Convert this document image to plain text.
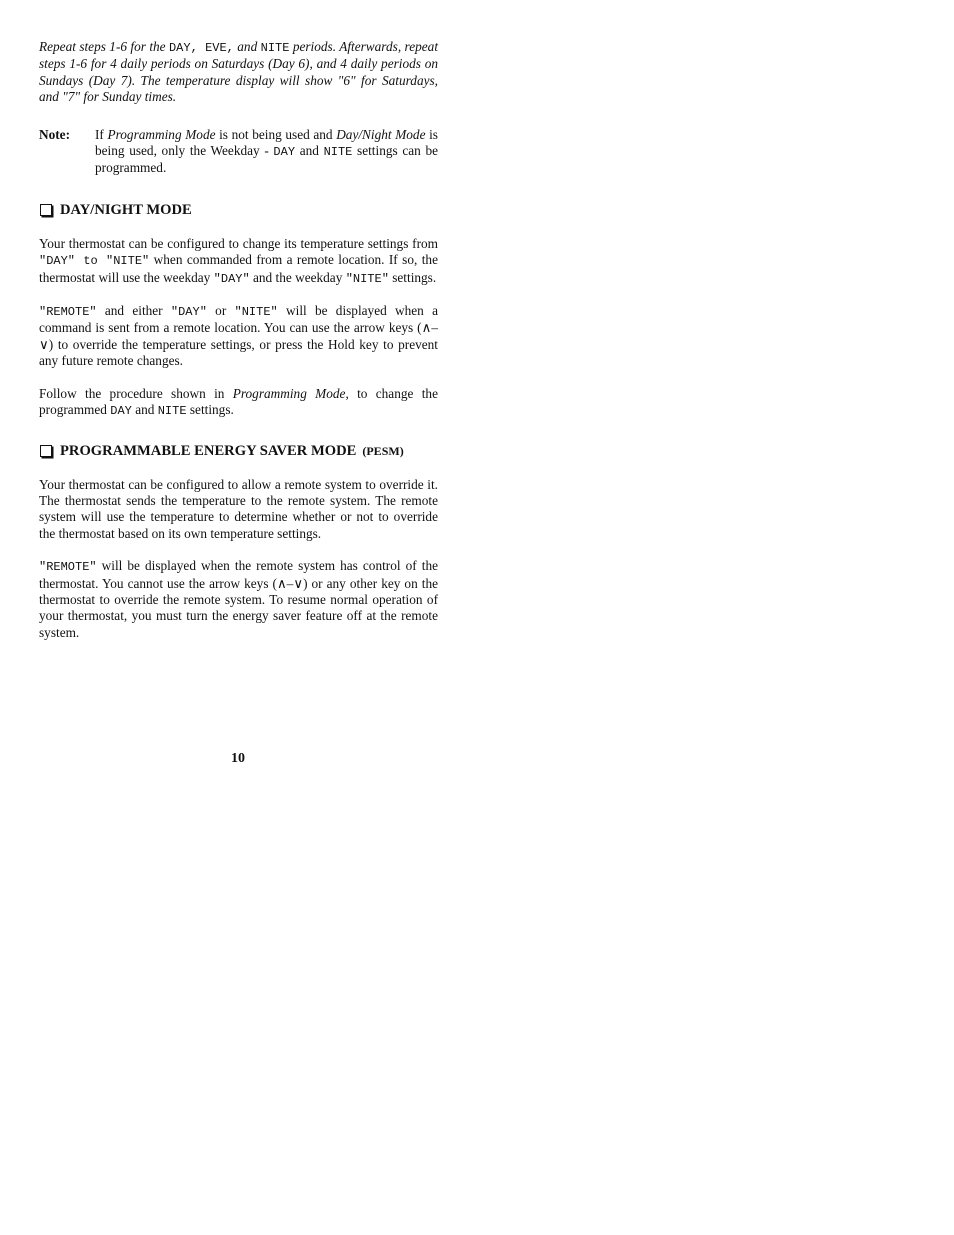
Repeat steps 1-6 for the DAY, EVE, and NITE periods. Afterwards, repeat steps 1-6 for 4 daily periods on Saturdays (Day 6), and 4 daily periods on Sundays (Day 7). The temperature display will show "6" for Saturdays, and "7" for Sunday times.

Note:	If Programming Mode is not being used and Day/Night Mode is being used, only the Weekday - DAY and NITE settings can be programmed.
DAY/NIGHT MODE

Your thermostat can be configured to change its temperature settings from "DAY" to "NITE" when commanded from a remote location. If so, the thermostat will use the weekday "DAY" and the weekday "NITE" settings.

"REMOTE" and either "DAY" or "NITE" will be displayed when a command is sent from a remote location. You can use the arrow keys (∧–∨) to override the temperature settings, or press the Hold key to prevent any future remote changes.

Follow the procedure shown in Programming Mode, to change the programmed DAY and NITE settings.

PROGRAMMABLE ENERGY SAVER MODE (PESM)

Your thermostat can be configured to allow a remote system to override it. The thermostat sends the temperature to the remote system. The remote system will use the temperature to determine whether or not to override the thermostat based on its own temperature settings.

"REMOTE" will be displayed when the remote system has control of the thermostat. You cannot use the arrow keys (∧–∨) or any other key on the thermostat to override the remote system. To resume normal operation of your thermostat, you must turn the energy saver feature off at the remote system.

10
